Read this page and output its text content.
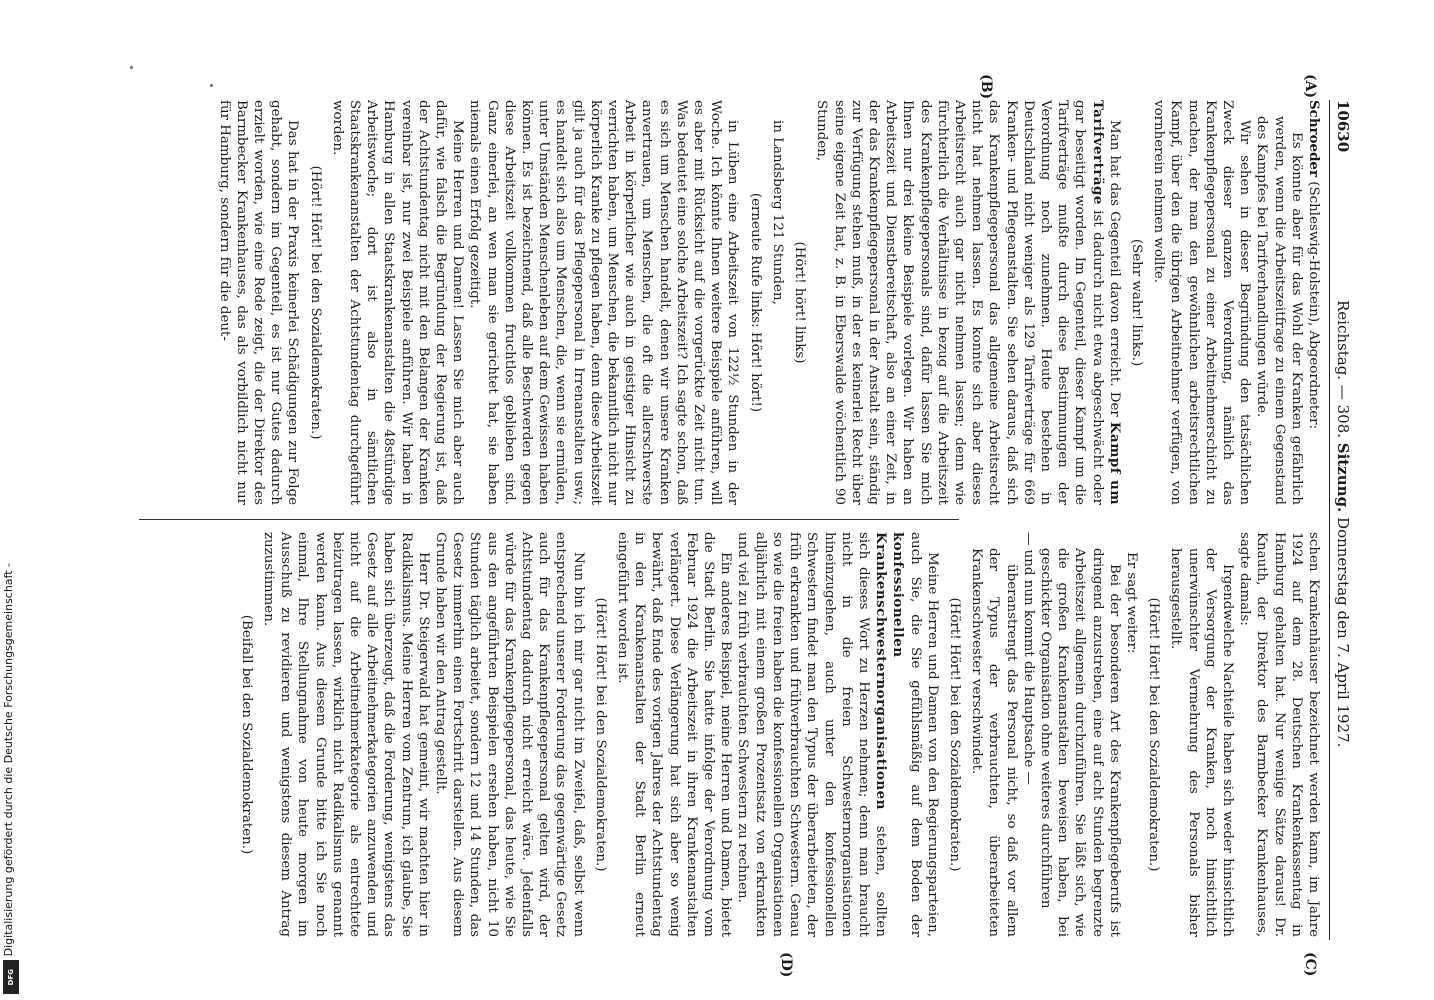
10630
Reichstag. — 308. Sitzung. Donnerstag den 7. April 1927.
(A)
(B)
(C)
(D)

Schroeder (Schleswig-Holstein), Abgeordneter:

Es könnte aber für das Wohl der Kranken gefährlich werden, wenn die Arbeitszeitfrage zu einem Gegenstand des Kampfes bei Tarifverhandlungen würde.

Wir sehen in dieser Begründung den tatsächlichen Zweck dieser ganzen Verordnung, nämlich das Krankenpflegepersonal zu einer Arbeitnehmerschicht zu machen, der man den gewöhnlichen arbeitsrechtlichen Kampf, über den die übrigen Arbeitnehmer verfügen, von vornherein nehmen wollte.

(Sehr wahr! links.)

Man hat das Gegenteil davon erreicht. Der Kampf um Tarifverträge ist dadurch nicht etwa abgeschwächt oder gar beseitigt worden. Im Gegenteil, dieser Kampf um die Tarifverträge mußte durch diese Bestimmungen der Verordnung noch zunehmen. Heute bestehen in Deutschland nicht weniger als 129 Tarifverträge für 669 Kranken- und Pflegeanstalten. Sie sehen daraus, daß sich das Krankenpflegepersonal das allgemeine Arbeitsrecht nicht hat nehmen lassen. Es konnte sich aber dieses Arbeitsrecht auch gar nicht nehmen lassen; denn wie fürchterlich die Verhältnisse in bezug auf die Arbeitszeit des Krankenpflegepersonals sind, dafür lassen Sie mich Ihnen nur drei kleine Beispiele vorlegen. Wir haben an Arbeitszeit und Dienstbereitschaft, also an einer Zeit, in der das Krankenpflegepersonal in der Anstalt sein, ständig zur Verfügung stehen muß, in der es keinerlei Recht über seine eigene Zeit hat, z. B. in Eberswalde wöchentlich 90 Stunden,

(Hört! hört! links)

in Landsberg 121 Stunden,

(erneute Rufe links: Hört! hört!)

in Lüben eine Arbeitszeit von 122½ Stunden in der Woche. Ich könnte Ihnen weitere Beispiele anführen, will es aber mit Rücksicht auf die vorgerückte Zeit nicht tun. Was bedeutet eine solche Arbeitszeit? Ich sagte schon, daß es sich um Menschen handelt, denen wir unsere Kranken anvertrauen, um Menschen, die oft die allerschwerste Arbeit in körperlicher wie auch in geistiger Hinsicht zu verrichten haben, um Menschen, die bekanntlich nicht nur körperlich Kranke zu pflegen haben, denn diese Arbeitszeit gilt ja auch für das Pflegepersonal in Irrenanstalten usw.; es handelt sich also um Menschen, die, wenn sie ermüden, unter Umständen Menschenleben auf dem Gewissen haben können. Es ist bezeichnend, daß alle Beschwerden gegen diese Arbeitszeit vollkommen fruchtlos geblieben sind. Ganz einerlei, an wen man sie gerichtet hat, sie haben niemals einen Erfolg gezeitigt.

Meine Herren und Damen! Lassen Sie mich aber auch dafür, wie falsch die Begründung der Regierung ist, daß der Achtstundentag nicht mit den Belangen der Kranken vereinbar ist, nur zwei Beispiele anführen. Wir haben in Hamburg in allen Staatskrankenanstalten die 48stündige Arbeitswoche; dort ist also in sämtlichen Staatskrankenanstalten der Achtstundentag durchgeführt worden.

(Hört! Hört! bei den Sozialdemokraten.)

Das hat in der Praxis keinerlei Schädigungen zur Folge gehabt, sondern im Gegenteil, es ist nur Gutes dadurch erzielt worden, wie eine Rede zeigt, die der Direktor des Barmbecker Krankenhauses, das als vorbildlich nicht nur für Hamburg, sondern für die deut-

schen Krankenhäuser bezeichnet werden kann, im Jahre 1924 auf dem 28. Deutschen Krankenkassentag in Hamburg gehalten hat. Nur wenige Sätze daraus! Dr. Knauth, der Direktor des Barmbecker Krankenhauses, sagte damals:

Irgendwelche Nachteile haben sich weder hinsichtlich der Versorgung der Kranken, noch hinsichtlich unerwünschter Vermehrung des Personals bisher herausgestellt.

(Hört! Hört! bei den Sozialdemokraten.)

Er sagt weiter:

Bei der besonderen Art des Krankenpflegeberufs ist dringend anzustreben, eine auf acht Stunden begrenzte Arbeitszeit allgemein durchzuführen. Sie läßt sich, wie die großen Krankenanstalten beweisen haben, bei geschickter Organisation ohne weiteres durchführen

— und nun kommt die Hauptsache —

überanstrengt das Personal nicht, so daß vor allem der Typus der verbrauchten, überarbeiteten Krankenschwester verschwindet.

(Hört! Hört! bei den Sozialdemokraten.)

Meine Herren und Damen von den Regierungsparteien, auch Sie, die Sie gefühlsmäßig auf dem Boden der konfessionellen Krankenschwesternorganisationen stehen, sollten sich dieses Wort zu Herzen nehmen; denn man braucht nicht in die freien Schwesternorganisationen hineinzugehen, auch unter den konfessionellen Schwestern findet man den Typus der überarbeiteten, der früh erkrankten und frühverbrauchten Schwestern. Genau so wie die freien haben die konfessionellen Organisationen alljährlich mit einem großen Prozentsatz von erkrankten und viel zu früh verbrauchten Schwestern zu rechnen.

Ein anderes Beispiel, meine Herren und Damen, bietet die Stadt Berlin. Sie hatte infolge der Verordnung vom Februar 1924 die Arbeitszeit in ihren Krankenanstalten verlängert. Diese Verlängerung hat sich aber so wenig bewährt, daß Ende des vorigen Jahres der Achtstundentag in den Krankenanstalten der Stadt Berlin erneut eingeführt worden ist.

(Hört! Hört! bei den Sozialdemokraten.)

Nun bin ich mir gar nicht im Zweifel, daß, selbst wenn entsprechend unserer Forderung das gegenwärtige Gesetz auch für das Krankenpflegepersonal gelten wird, der Achtstundentag dadurch nicht erreicht wäre. Jedenfalls würde für das Krankenpflegepersonal, das heute, wie Sie aus den angeführten Beispielen ersehen haben, nicht 10 Stunden täglich arbeitet, sondern 12 und 14 Stunden, das Gesetz immerhin einen Fortschritt darstellen. Aus diesem Grunde haben wir den Antrag gestellt.

Herr Dr. Steigerwald hat gemeint, wir machten hier in Radikalismus. Meine Herren vom Zentrum, ich glaube, Sie haben sich überzeugt, daß die Forderung, wenigstens das Gesetz auf alle Arbeitnehmerkategorien anzuwenden und nicht auf die Arbeitnehmerkategorie als entrechtete beizutragen lassen, wirklich nicht Radikalismus genannt werden kann. Aus diesem Grunde bitte ich Sie noch einmal, Ihre Stellungnahme von heute morgen im Ausschuß zu revidieren und wenigstens diesem Antrag zuzustimmen.

(Beifall bei den Sozialdemokraten.)

DFG
Digitalisierung gefördert durch die Deutsche Forschungsgemeinschaft -
